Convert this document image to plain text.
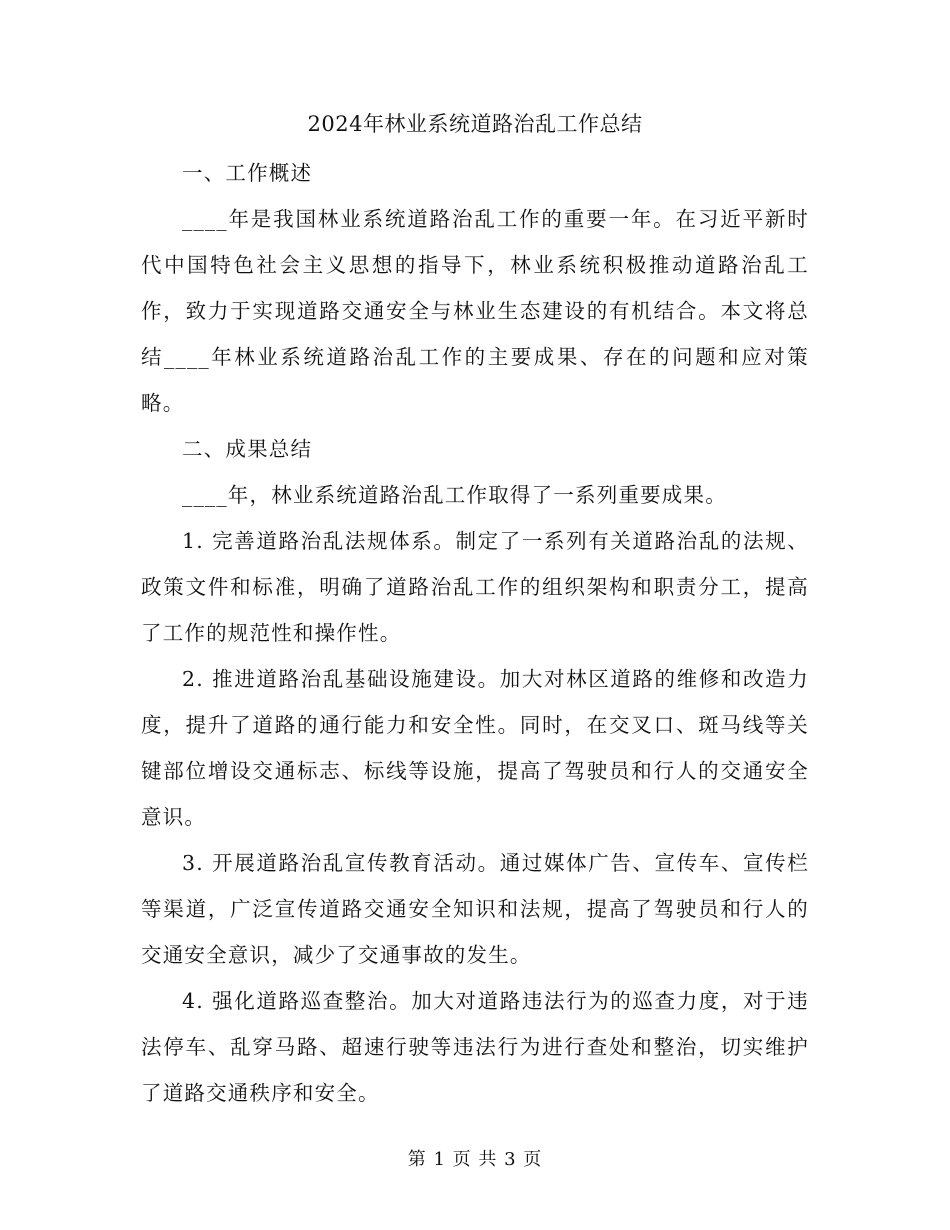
2024年林业系统道路治乱工作总结

一、工作概述

____年是我国林业系统道路治乱工作的重要一年。在习近平新时代中国特色社会主义思想的指导下，林业系统积极推动道路治乱工作，致力于实现道路交通安全与林业生态建设的有机结合。本文将总结____年林业系统道路治乱工作的主要成果、存在的问题和应对策略。

二、成果总结

____年，林业系统道路治乱工作取得了一系列重要成果。

1. 完善道路治乱法规体系。制定了一系列有关道路治乱的法规、政策文件和标准，明确了道路治乱工作的组织架构和职责分工，提高了工作的规范性和操作性。

2. 推进道路治乱基础设施建设。加大对林区道路的维修和改造力度，提升了道路的通行能力和安全性。同时，在交叉口、斑马线等关键部位增设交通标志、标线等设施，提高了驾驶员和行人的交通安全意识。

3. 开展道路治乱宣传教育活动。通过媒体广告、宣传车、宣传栏等渠道，广泛宣传道路交通安全知识和法规，提高了驾驶员和行人的交通安全意识，减少了交通事故的发生。

4. 强化道路巡查整治。加大对道路违法行为的巡查力度，对于违法停车、乱穿马路、超速行驶等违法行为进行查处和整治，切实维护了道路交通秩序和安全。

第 1 页 共 3 页
